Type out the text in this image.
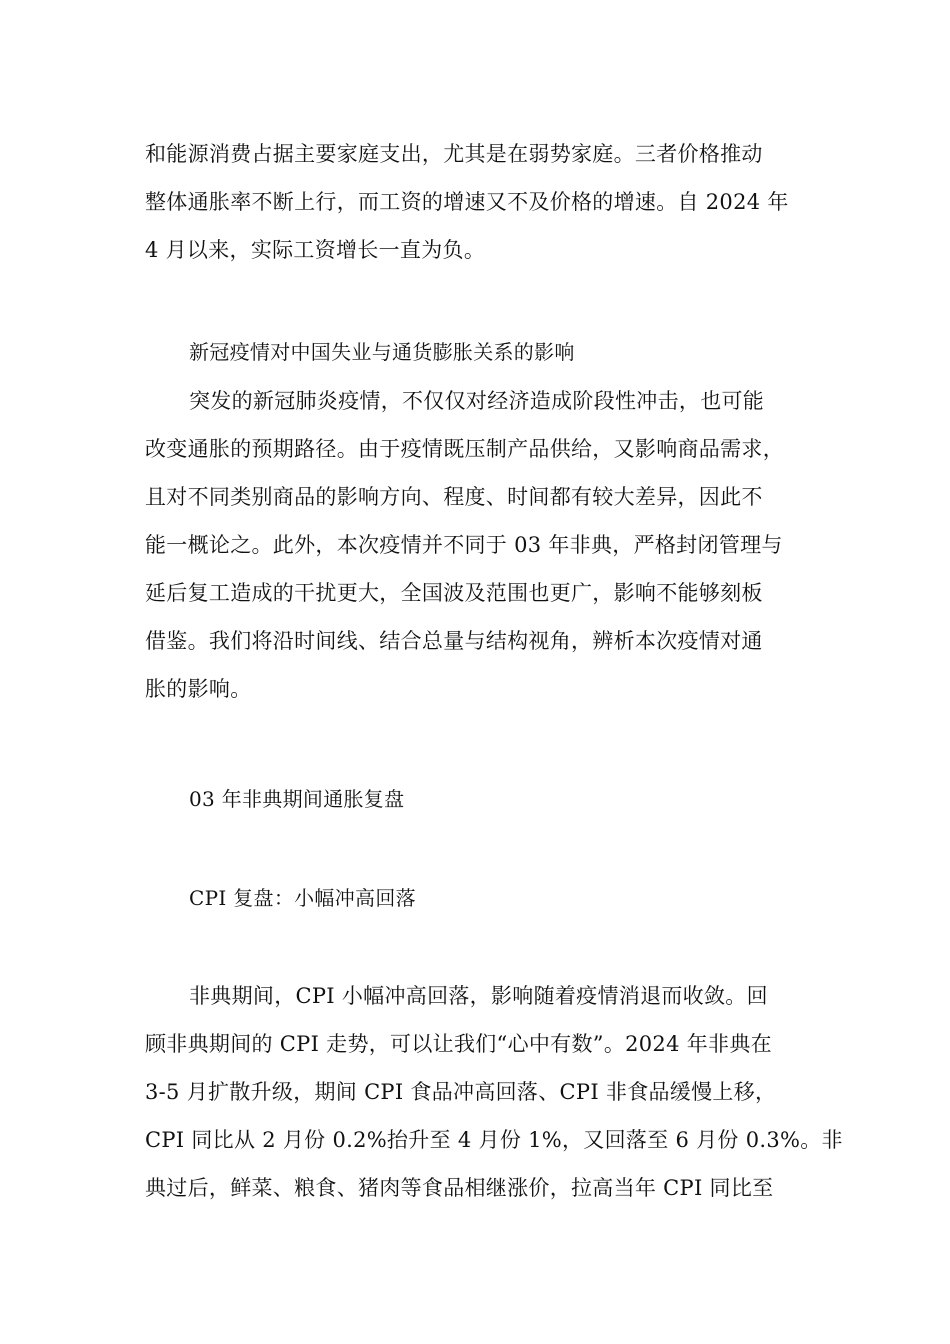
和能源消费占据主要家庭支出，尤其是在弱势家庭。三者价格推动
整体通胀率不断上行，而工资的增速又不及价格的增速。自 2024 年
4 月以来，实际工资增长一直为负。
新冠疫情对中国失业与通货膨胀关系的影响
突发的新冠肺炎疫情，不仅仅对经济造成阶段性冲击，也可能
改变通胀的预期路径。由于疫情既压制产品供给，又影响商品需求，
且对不同类别商品的影响方向、程度、时间都有较大差异，因此不
能一概论之。此外，本次疫情并不同于 03 年非典，严格封闭管理与
延后复工造成的干扰更大，全国波及范围也更广，影响不能够刻板
借鉴。我们将沿时间线、结合总量与结构视角，辨析本次疫情对通
胀的影响。
03 年非典期间通胀复盘
CPI 复盘：小幅冲高回落
非典期间，CPI 小幅冲高回落，影响随着疫情消退而收敛。回
顾非典期间的 CPI 走势，可以让我们“心中有数”。2024 年非典在
3-5 月扩散升级，期间 CPI 食品冲高回落、CPI 非食品缓慢上移，
CPI 同比从 2 月份 0.2%抬升至 4 月份 1%，又回落至 6 月份 0.3%。非
典过后，鲜菜、粮食、猪肉等食品相继涨价，拉高当年 CPI 同比至
